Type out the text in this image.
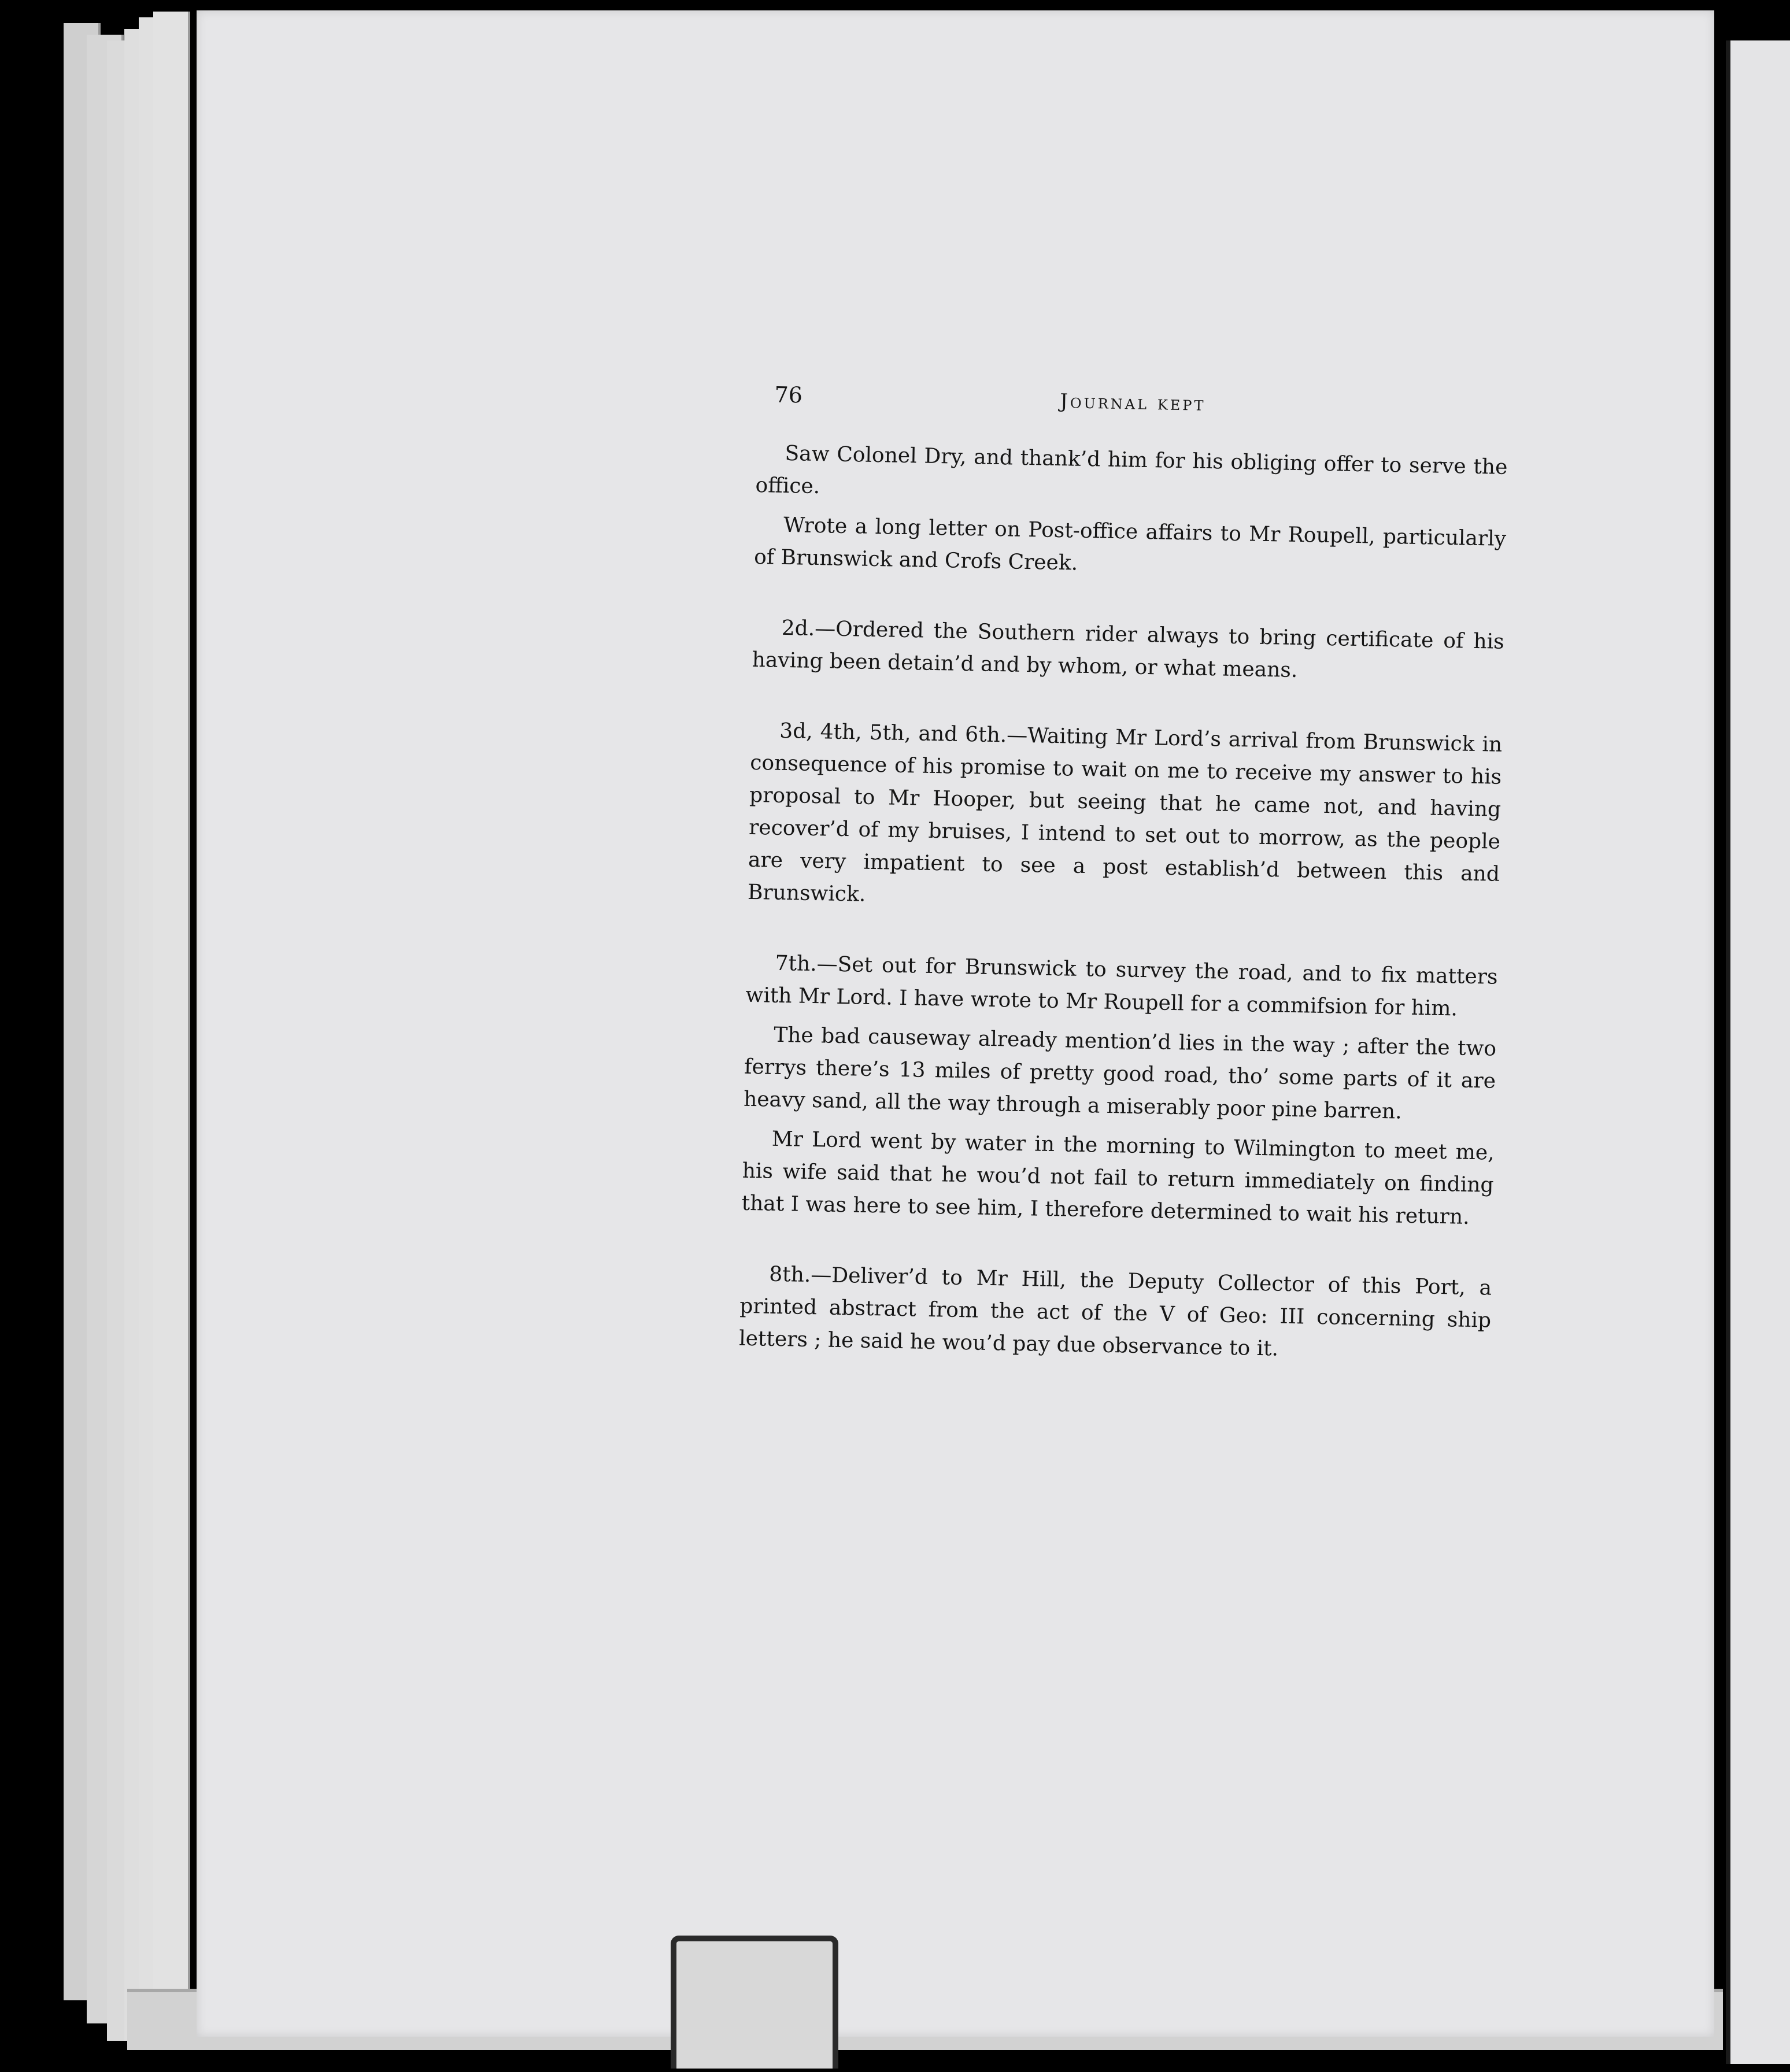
76	Journal kept

Saw Colonel Dry, and thank’d him for his obliging offer to serve the office.

Wrote a long letter on Post-office affairs to Mr Roupell, particularly of Brunswick and Crofs Creek.

2d.—Ordered the Southern rider always to bring certificate of his having been detain’d and by whom, or what means.

3d, 4th, 5th, and 6th.—Waiting Mr Lord’s arrival from Brunswick in consequence of his promise to wait on me to receive my answer to his proposal to Mr Hooper, but seeing that he came not, and having recover’d of my bruises, I intend to set out to morrow, as the people are very impatient to see a post establish’d between this and Brunswick.

7th.—Set out for Brunswick to survey the road, and to fix matters with Mr Lord. I have wrote to Mr Roupell for a commifsion for him.

The bad causeway already mention’d lies in the way ; after the two ferrys there’s 13 miles of pretty good road, tho’ some parts of it are heavy sand, all the way through a miserably poor pine barren.

Mr Lord went by water in the morning to Wilmington to meet me, his wife said that he wou’d not fail to return immediately on finding that I was here to see him, I therefore determined to wait his return.

8th.—Deliver’d to Mr Hill, the Deputy Collector of this Port, a printed abstract from the act of the V of Geo: III concerning ship letters ; he said he wou’d pay due observance to it.
